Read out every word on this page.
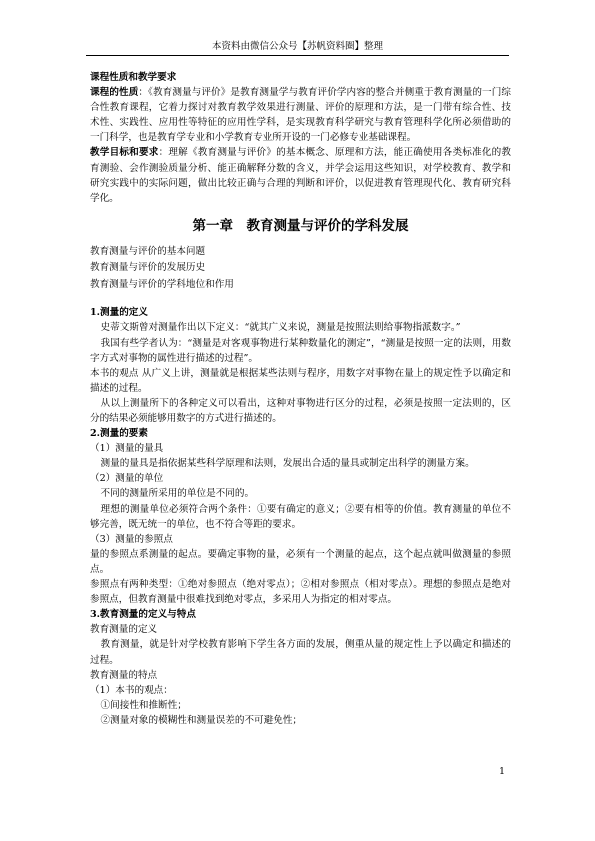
本资料由微信公众号【苏帆资料圈】整理

课程性质和教学要求

课程的性质：《教育测量与评价》是教育测量学与教育评价学内容的整合并侧重于教育测量的一门综合性教育课程，它着力探讨对教育教学效果进行测量、评价的原理和方法，是一门带有综合性、技术性、实践性、应用性等特征的应用性学科，是实现教育科学研究与教育管理科学化所必须借助的一门科学，也是教育学专业和小学教育专业所开设的一门必修专业基础课程。

教学目标和要求：理解《教育测量与评价》的基本概念、原理和方法，能正确使用各类标准化的教育测验、会作测验质量分析、能正确解释分数的含义，并学会运用这些知识，对学校教育、教学和研究实践中的实际问题，做出比较正确与合理的判断和评价，以促进教育管理现代化、教育研究科学化。

第一章　教育测量与评价的学科发展

教育测量与评价的基本问题

教育测量与评价的发展历史

教育测量与评价的学科地位和作用

1.测量的定义

史蒂文斯曾对测量作出以下定义：“就其广义来说，测量是按照法则给事物指派数字。”

我国有些学者认为：“测量是对客观事物进行某种数量化的测定”，“测量是按照一定的法则，用数字方式对事物的属性进行描述的过程”。

本书的观点 从广义上讲，测量就是根据某些法则与程序，用数字对事物在量上的规定性予以确定和描述的过程。

从以上测量所下的各种定义可以看出，这种对事物进行区分的过程，必须是按照一定法则的，区分的结果必须能够用数字的方式进行描述的。

2.测量的要素

（1）测量的量具

测量的量具是指依据某些科学原理和法则，发展出合适的量具或制定出科学的测量方案。

（2）测量的单位

不同的测量所采用的单位是不同的。

理想的测量单位必须符合两个条件：①要有确定的意义；②要有相等的价值。教育测量的单位不够完善，既无统一的单位，也不符合等距的要求。

（3）测量的参照点

量的参照点系测量的起点。要确定事物的量，必须有一个测量的起点，这个起点就叫做测量的参照点。

参照点有两种类型：①绝对参照点（绝对零点）；②相对参照点（相对零点）。理想的参照点是绝对参照点，但教育测量中很难找到绝对零点，多采用人为指定的相对零点。

3.教育测量的定义与特点

教育测量的定义

教育测量，就是针对学校教育影响下学生各方面的发展，侧重从量的规定性上予以确定和描述的过程。

教育测量的特点

（1）本书的观点：

①间接性和推断性；

②测量对象的模糊性和测量误差的不可避免性；

1
